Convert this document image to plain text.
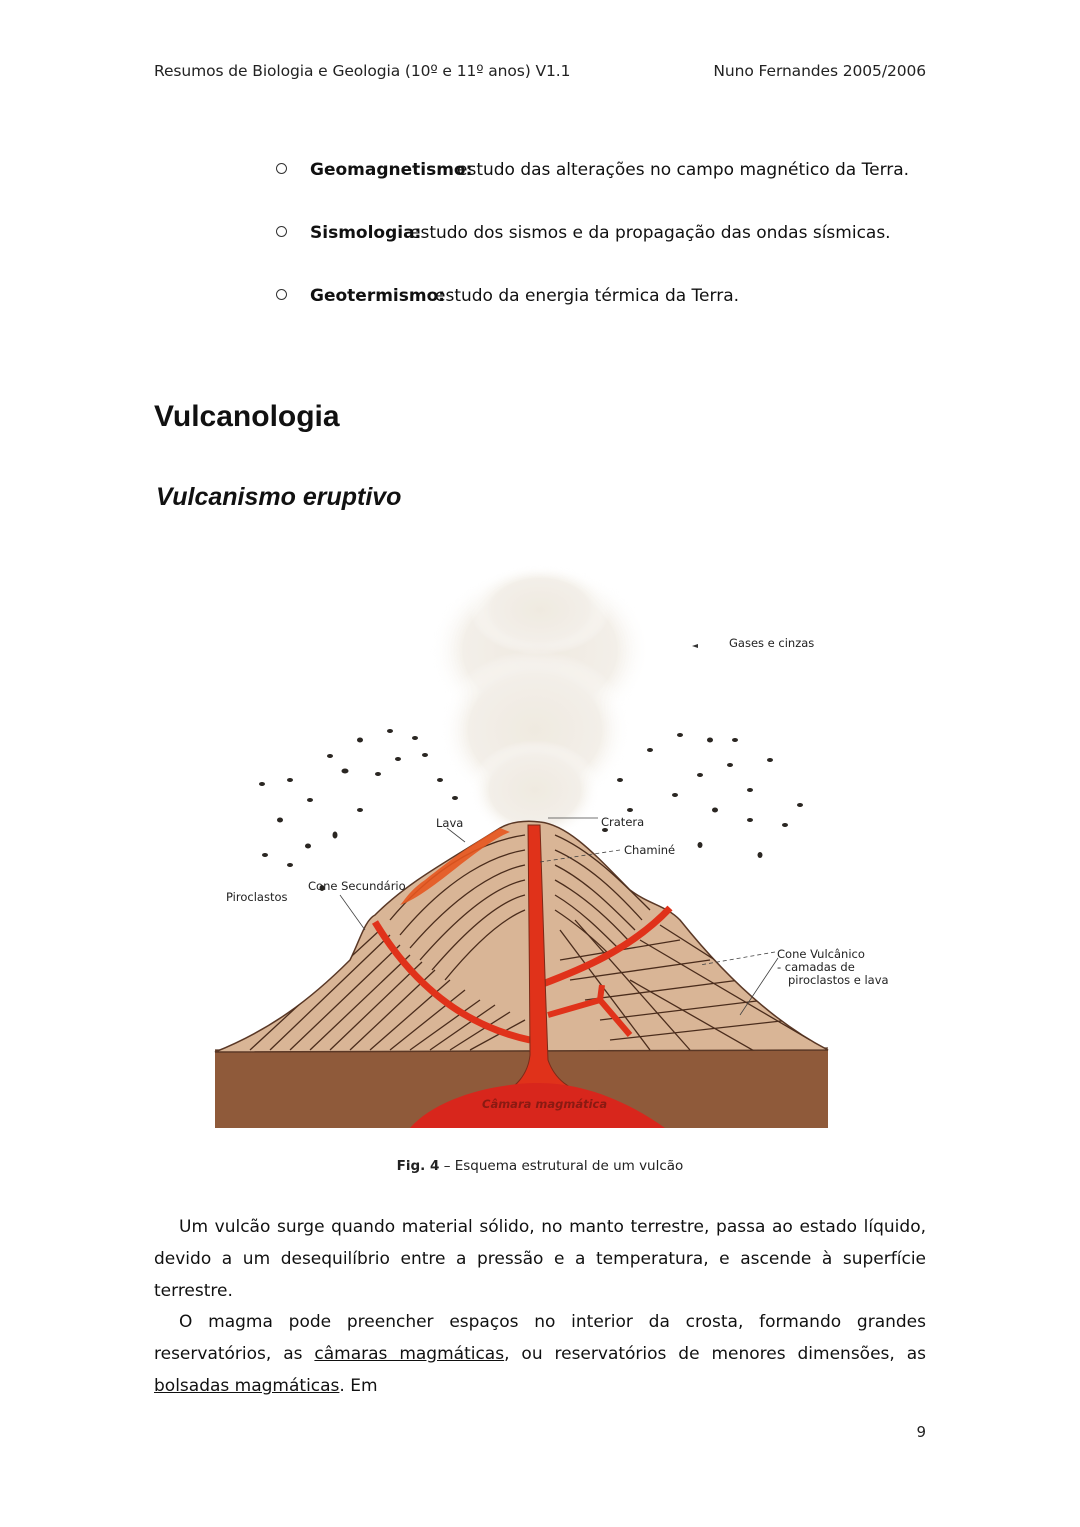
Resumos de Biologia e Geologia (10º e 11º anos) V1.1	Nuno Fernandes 2005/2006
Geomagnetismo:
estudo das alterações no campo magnético da Terra.
Sismologia:
estudo dos sismos e da propagação das ondas sísmicas.
Geotermismo:
estudo da energia térmica da Terra.
Vulcanologia
Vulcanismo eruptivo
Gases e cinzas
Lava	Cratera
Chaminé
Piroclastos
Cone Secundário
Cone Vulcânico
- camadas de
piroclastos e lava
Câmara magmática
Fig. 4 – Esquema estrutural de um vulcão
Um vulcão surge quando material sólido, no manto terrestre, passa ao estado líquido, devido a um desequilíbrio entre a pressão e a temperatura, e ascende à superfície terrestre.
O magma pode preencher espaços no interior da crosta, formando grandes reservatórios, as câmaras magmáticas, ou reservatórios de menores dimensões, as bolsadas magmáticas. Em
9
